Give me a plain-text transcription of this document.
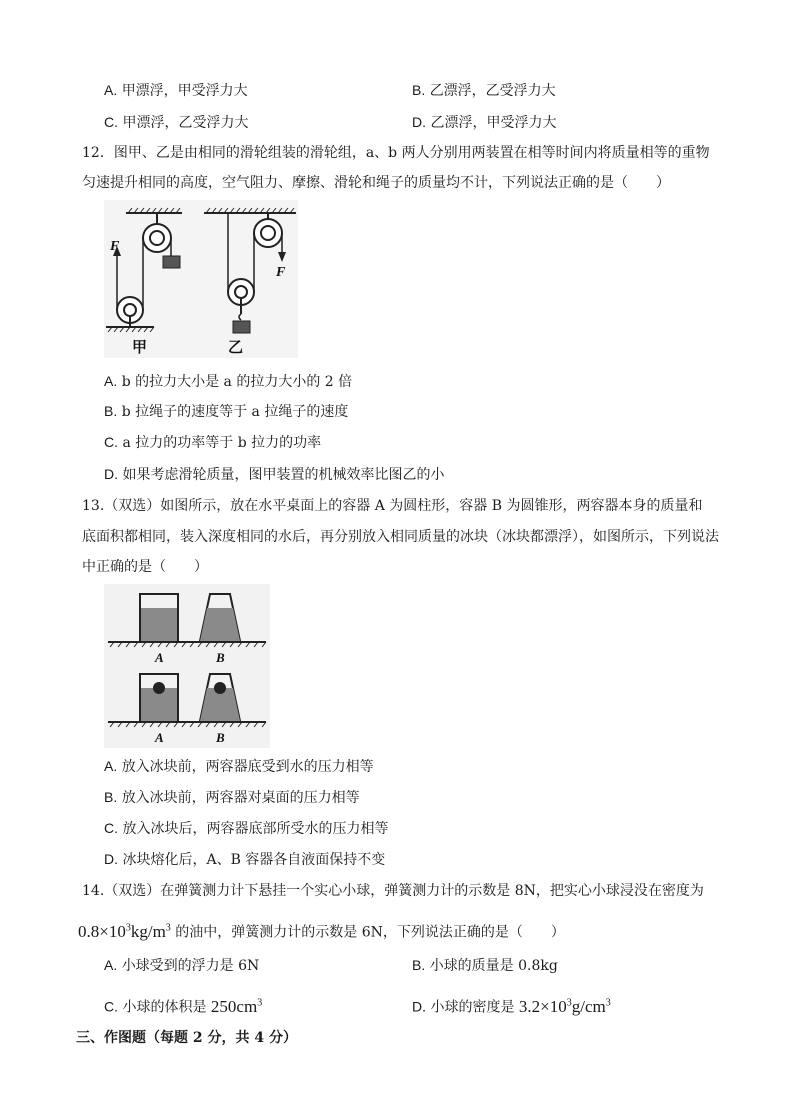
A. 甲漂浮，甲受浮力大	B. 乙漂浮，乙受浮力大
C. 甲漂浮，乙受浮力大	D. 乙漂浮，甲受浮力大
12．图甲、乙是由相同的滑轮组装的滑轮组，a、b 两人分别用两装置在相等时间内将质量相等的重物
匀速提升相同的高度，空气阻力、摩擦、滑轮和绳子的质量均不计，下列说法正确的是（　　）
F
甲
F
乙
A. b 的拉力大小是 a 的拉力大小的 2 倍
B. b 拉绳子的速度等于 a 拉绳子的速度
C. a 拉力的功率等于 b 拉力的功率
D. 如果考虑滑轮质量，图甲装置的机械效率比图乙的小
13.（双选）如图所示，放在水平桌面上的容器 A 为圆柱形，容器 B 为圆锥形，两容器本身的质量和
底面积都相同，装入深度相同的水后，再分别放入相同质量的冰块（冰块都漂浮），如图所示，下列说法
中正确的是（　　）
A	B
A	B
A. 放入冰块前，两容器底受到水的压力相等
B. 放入冰块前，两容器对桌面的压力相等
C. 放入冰块后，两容器底部所受水的压力相等
D. 冰块熔化后，A、B 容器各自液面保持不变
14.（双选）在弹簧测力计下悬挂一个实心小球，弹簧测力计的示数是 8N，把实心小球浸没在密度为
$0.8\times 10^3kg/m^3$ 的油中，弹簧测力计的示数是 6N，下列说法正确的是（　　）
A. 小球受到的浮力是 6N	B. 小球的质量是 0.8kg
C. 小球的体积是 $250cm^3$	D. 小球的密度是 $3.2\times 10^3g/cm^3$
三、作图题（每题 2 分，共 4 分）
